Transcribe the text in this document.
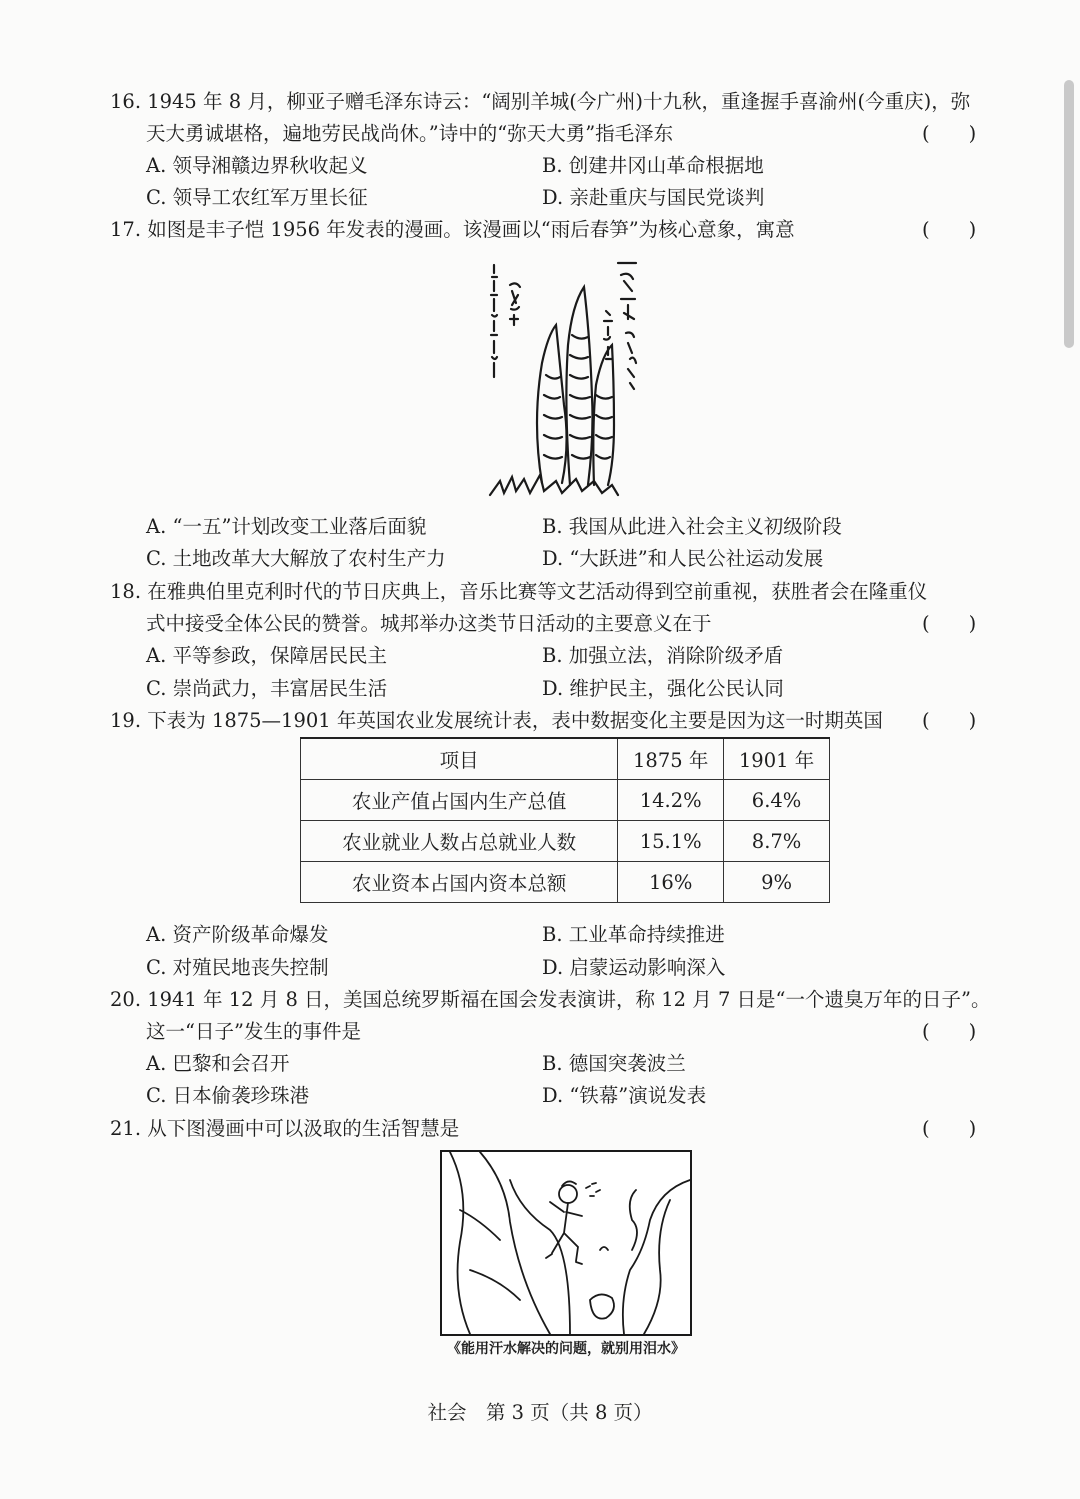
16. 1945 年 8 月，柳亚子赠毛泽东诗云：“阔别羊城(今广州)十九秋，重逢握手喜渝州(今重庆)，弥
天大勇诚堪格，遍地劳民战尚休。”诗中的“弥天大勇”指毛泽东	(　　)
A. 领导湘赣边界秋收起义	B. 创建井冈山革命根据地
C. 领导工农红军万里长征	D. 亲赴重庆与国民党谈判
17. 如图是丰子恺 1956 年发表的漫画。该漫画以“雨后春笋”为核心意象，寓意	(　　)
A. “一五”计划改变工业落后面貌	B. 我国从此进入社会主义初级阶段
C. 土地改革大大解放了农村生产力	D. “大跃进”和人民公社运动发展
18. 在雅典伯里克利时代的节日庆典上，音乐比赛等文艺活动得到空前重视，获胜者会在隆重仪
式中接受全体公民的赞誉。城邦举办这类节日活动的主要意义在于	(　　)
A. 平等参政，保障居民民主	B. 加强立法，消除阶级矛盾
C. 崇尚武力，丰富居民生活	D. 维护民主，强化公民认同
19. 下表为 1875—1901 年英国农业发展统计表，表中数据变化主要是因为这一时期英国 (　　)
项目	1875 年	1901 年
农业产值占国内生产总值	14.2%	6.4%
农业就业人数占总就业人数	15.1%	8.7%
农业资本占国内资本总额	16%	9%
A. 资产阶级革命爆发	B. 工业革命持续推进
C. 对殖民地丧失控制	D. 启蒙运动影响深入
20. 1941 年 12 月 8 日，美国总统罗斯福在国会发表演讲，称 12 月 7 日是“一个遗臭万年的日子”。
这一“日子”发生的事件是	(　　)
A. 巴黎和会召开	B. 德国突袭波兰
C. 日本偷袭珍珠港	D. “铁幕”演说发表
21. 从下图漫画中可以汲取的生活智慧是	(　　)
《能用汗水解决的问题，就别用泪水》
社会　第 3 页（共 8 页）
